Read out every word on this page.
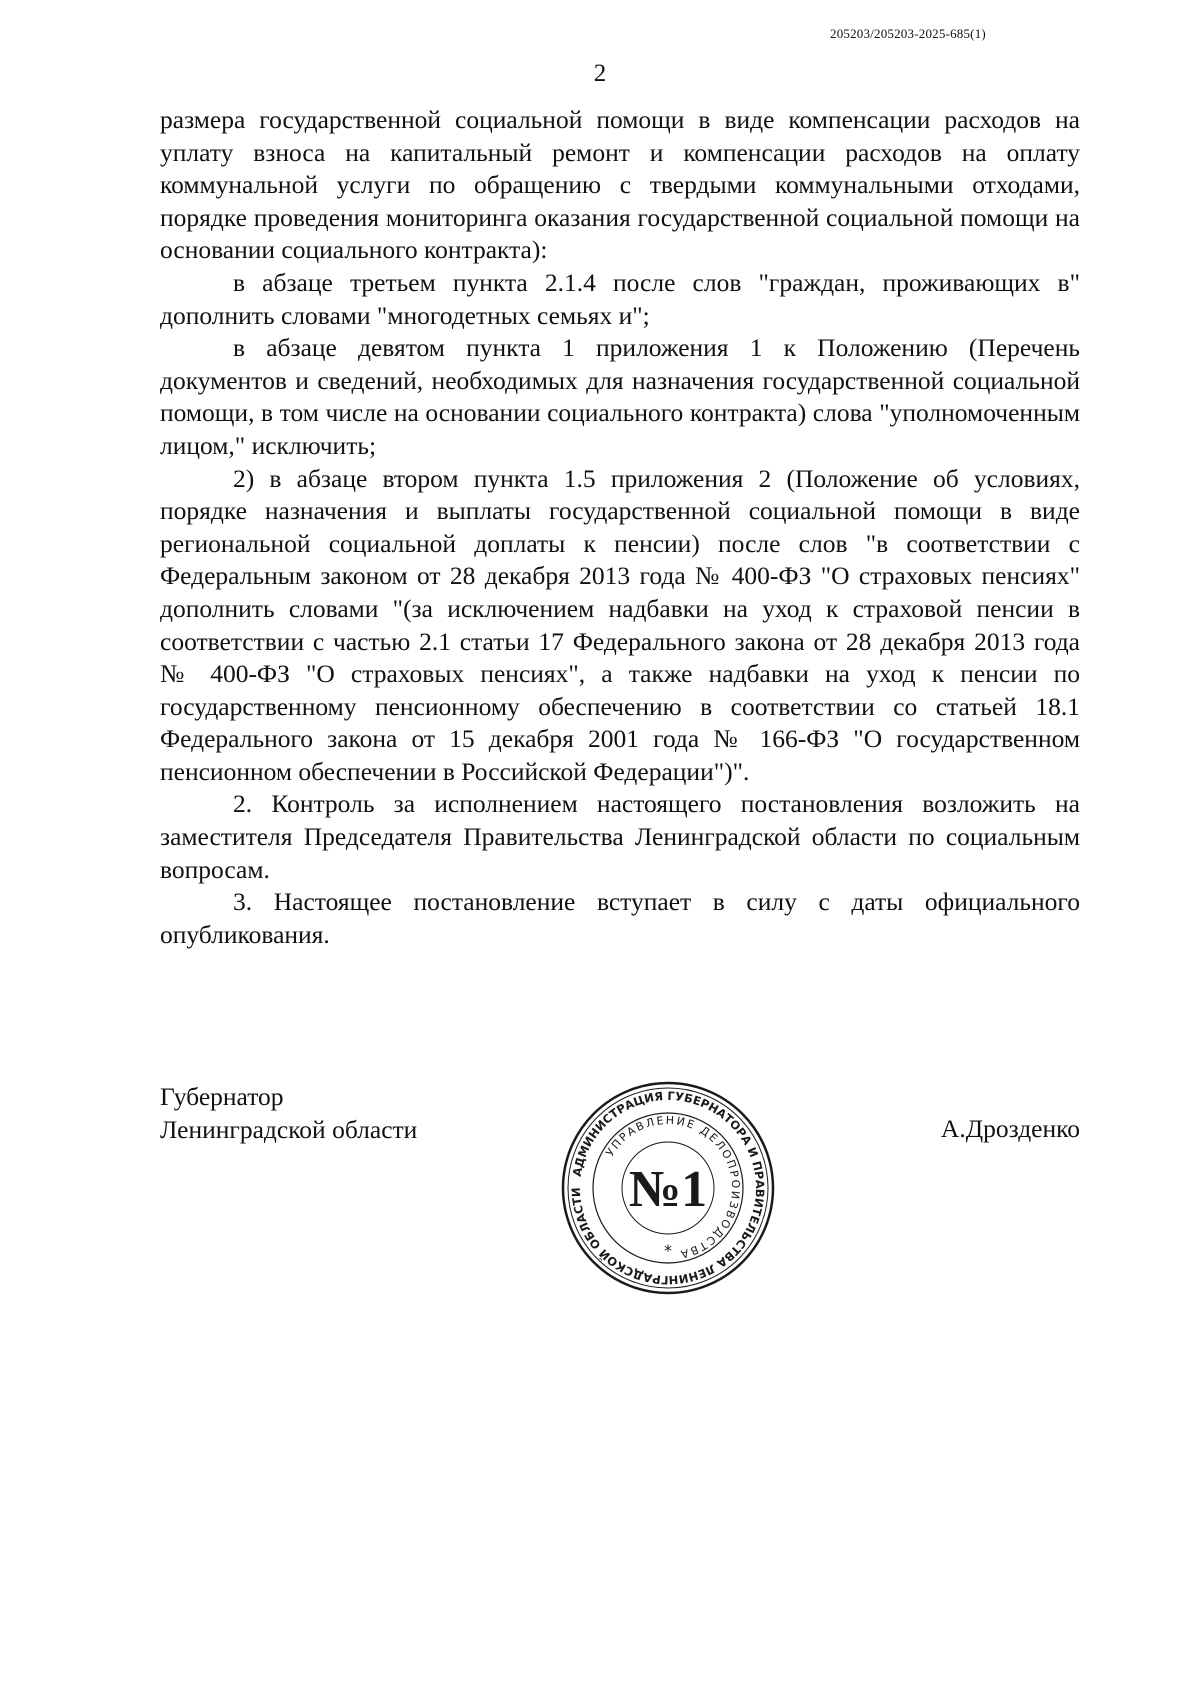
205203/205203-2025-685(1)
2

размера государственной социальной помощи в виде компенсации расходов на уплату взноса на капитальный ремонт и компенсации расходов на оплату коммунальной услуги по обращению с твердыми коммунальными отходами, порядке проведения мониторинга оказания государственной социальной помощи на основании социального контракта):

в абзаце третьем пункта 2.1.4 после слов "граждан, проживающих в" дополнить словами "многодетных семьях и";

в абзаце девятом пункта 1 приложения 1 к Положению (Перечень документов и сведений, необходимых для назначения государственной социальной помощи, в том числе на основании социального контракта) слова "уполномоченным лицом," исключить;

2) в абзаце втором пункта 1.5 приложения 2 (Положение об условиях, порядке назначения и выплаты государственной социальной помощи в виде региональной социальной доплаты к пенсии) после слов "в соответствии с Федеральным законом от 28 декабря 2013 года № 400-ФЗ "О страховых пенсиях" дополнить словами "(за исключением надбавки на уход к страховой пенсии в соответствии с частью 2.1 статьи 17 Федерального закона от 28 декабря 2013 года № 400-ФЗ "О страховых пенсиях", а также надбавки на уход к пенсии по государственному пенсионному обеспечению в соответствии со статьей 18.1 Федерального закона от 15 декабря 2001 года № 166-ФЗ "О государственном пенсионном обеспечении в Российской Федерации")".

2. Контроль за исполнением настоящего постановления возложить на заместителя Председателя Правительства Ленинградской области по социальным вопросам.

3. Настоящее постановление вступает в силу с даты официального опубликования.

Губернатор
Ленинградской области	А.Дрозденко
АДМИНИСТРАЦИЯ ГУБЕРНАТОРА И ПРАВИТЕЛЬСТВА ЛЕНИНГРАДСКОЙ ОБЛАСТИ
УПРАВЛЕНИЕ ДЕЛОПРОИЗВОДСТВА
№1
*
